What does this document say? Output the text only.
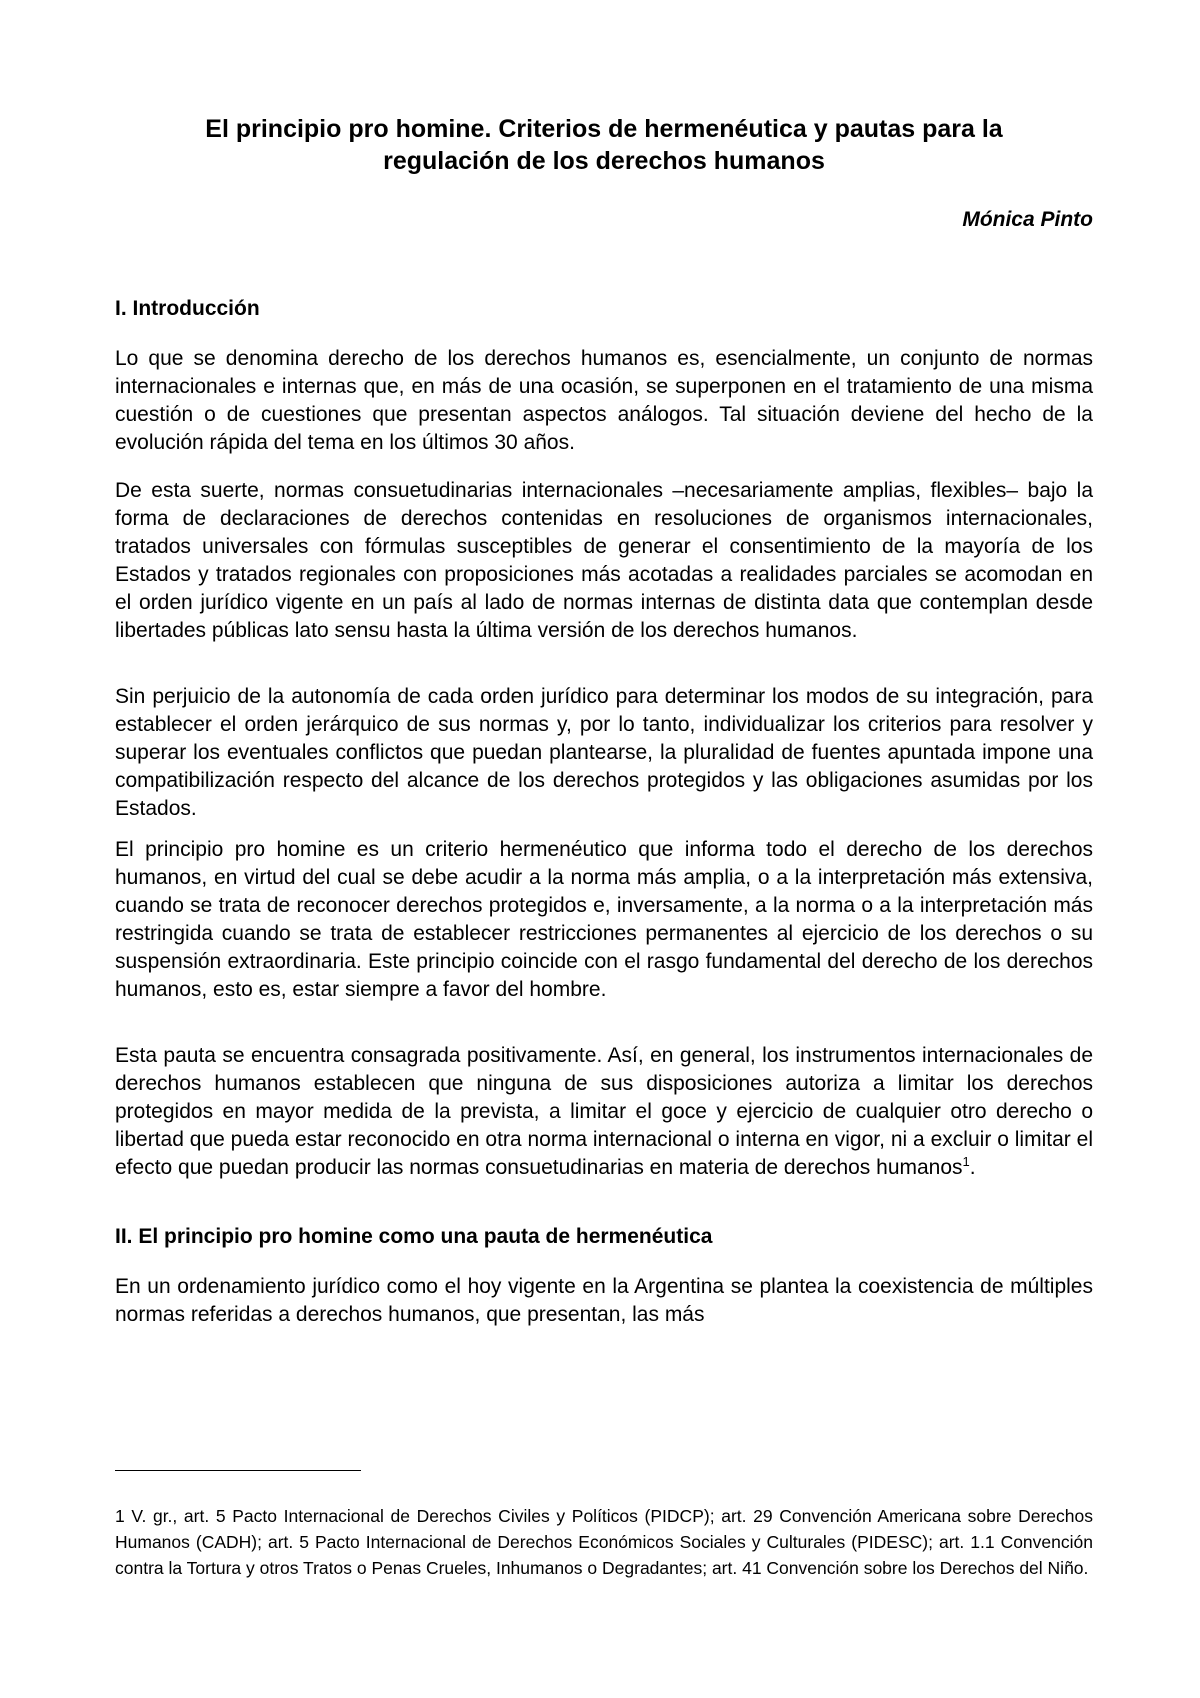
El principio pro homine. Criterios de hermenéutica y pautas para la
regulación de los derechos humanos

Mónica Pinto

I. Introducción

Lo que se denomina derecho de los derechos humanos es, esencialmente, un conjunto de normas internacionales e internas que, en más de una ocasión, se superponen en el tratamiento de una misma cuestión o de cuestiones que presentan aspectos análogos. Tal situación deviene del hecho de la evolución rápida del tema en los últimos 30 años.

De esta suerte, normas consuetudinarias internacionales –necesariamente amplias, flexibles– bajo la forma de declaraciones de derechos contenidas en resoluciones de organismos internacionales, tratados universales con fórmulas susceptibles de generar el consentimiento de la mayoría de los Estados y tratados regionales con proposiciones más acotadas a realidades parciales se acomodan en el orden jurídico vigente en un país al lado de normas internas de distinta data que contemplan desde libertades públicas lato sensu hasta la última versión de los derechos humanos.

Sin perjuicio de la autonomía de cada orden jurídico para determinar los modos de su integración, para establecer el orden jerárquico de sus normas y, por lo tanto, individualizar los criterios para resolver y superar los eventuales conflictos que puedan plantearse, la pluralidad de fuentes apuntada impone una compatibilización respecto del alcance de los derechos protegidos y las obligaciones asumidas por los Estados.

El principio pro homine es un criterio hermenéutico que informa todo el derecho de los derechos humanos, en virtud del cual se debe acudir a la norma más amplia, o a la interpretación más extensiva, cuando se trata de reconocer derechos protegidos e, inversamente, a la norma o a la interpretación más restringida cuando se trata de establecer restricciones permanentes al ejercicio de los derechos o su suspensión extraordinaria. Este principio coincide con el rasgo fundamental del derecho de los derechos humanos, esto es, estar siempre a favor del hombre.

Esta pauta se encuentra consagrada positivamente. Así, en general, los instrumentos internacionales de derechos humanos establecen que ninguna de sus disposiciones autoriza a limitar los derechos protegidos en mayor medida de la prevista, a limitar el goce y ejercicio de cualquier otro derecho o libertad que pueda estar reconocido en otra norma internacional o interna en vigor, ni a excluir o limitar el efecto que puedan producir las normas consuetudinarias en materia de derechos humanos$^1$.

II. El principio pro homine como una pauta de hermenéutica

En un ordenamiento jurídico como el hoy vigente en la Argentina se plantea la coexistencia de múltiples normas referidas a derechos humanos, que presentan, las más

1 V. gr., art. 5 Pacto Internacional de Derechos Civiles y Políticos (PIDCP); art. 29 Convención Americana sobre Derechos Humanos (CADH); art. 5 Pacto Internacional de Derechos Económicos Sociales y Culturales (PIDESC); art. 1.1 Convención contra la Tortura y otros Tratos o Penas Crueles, Inhumanos o Degradantes; art. 41 Convención sobre los Derechos del Niño.
